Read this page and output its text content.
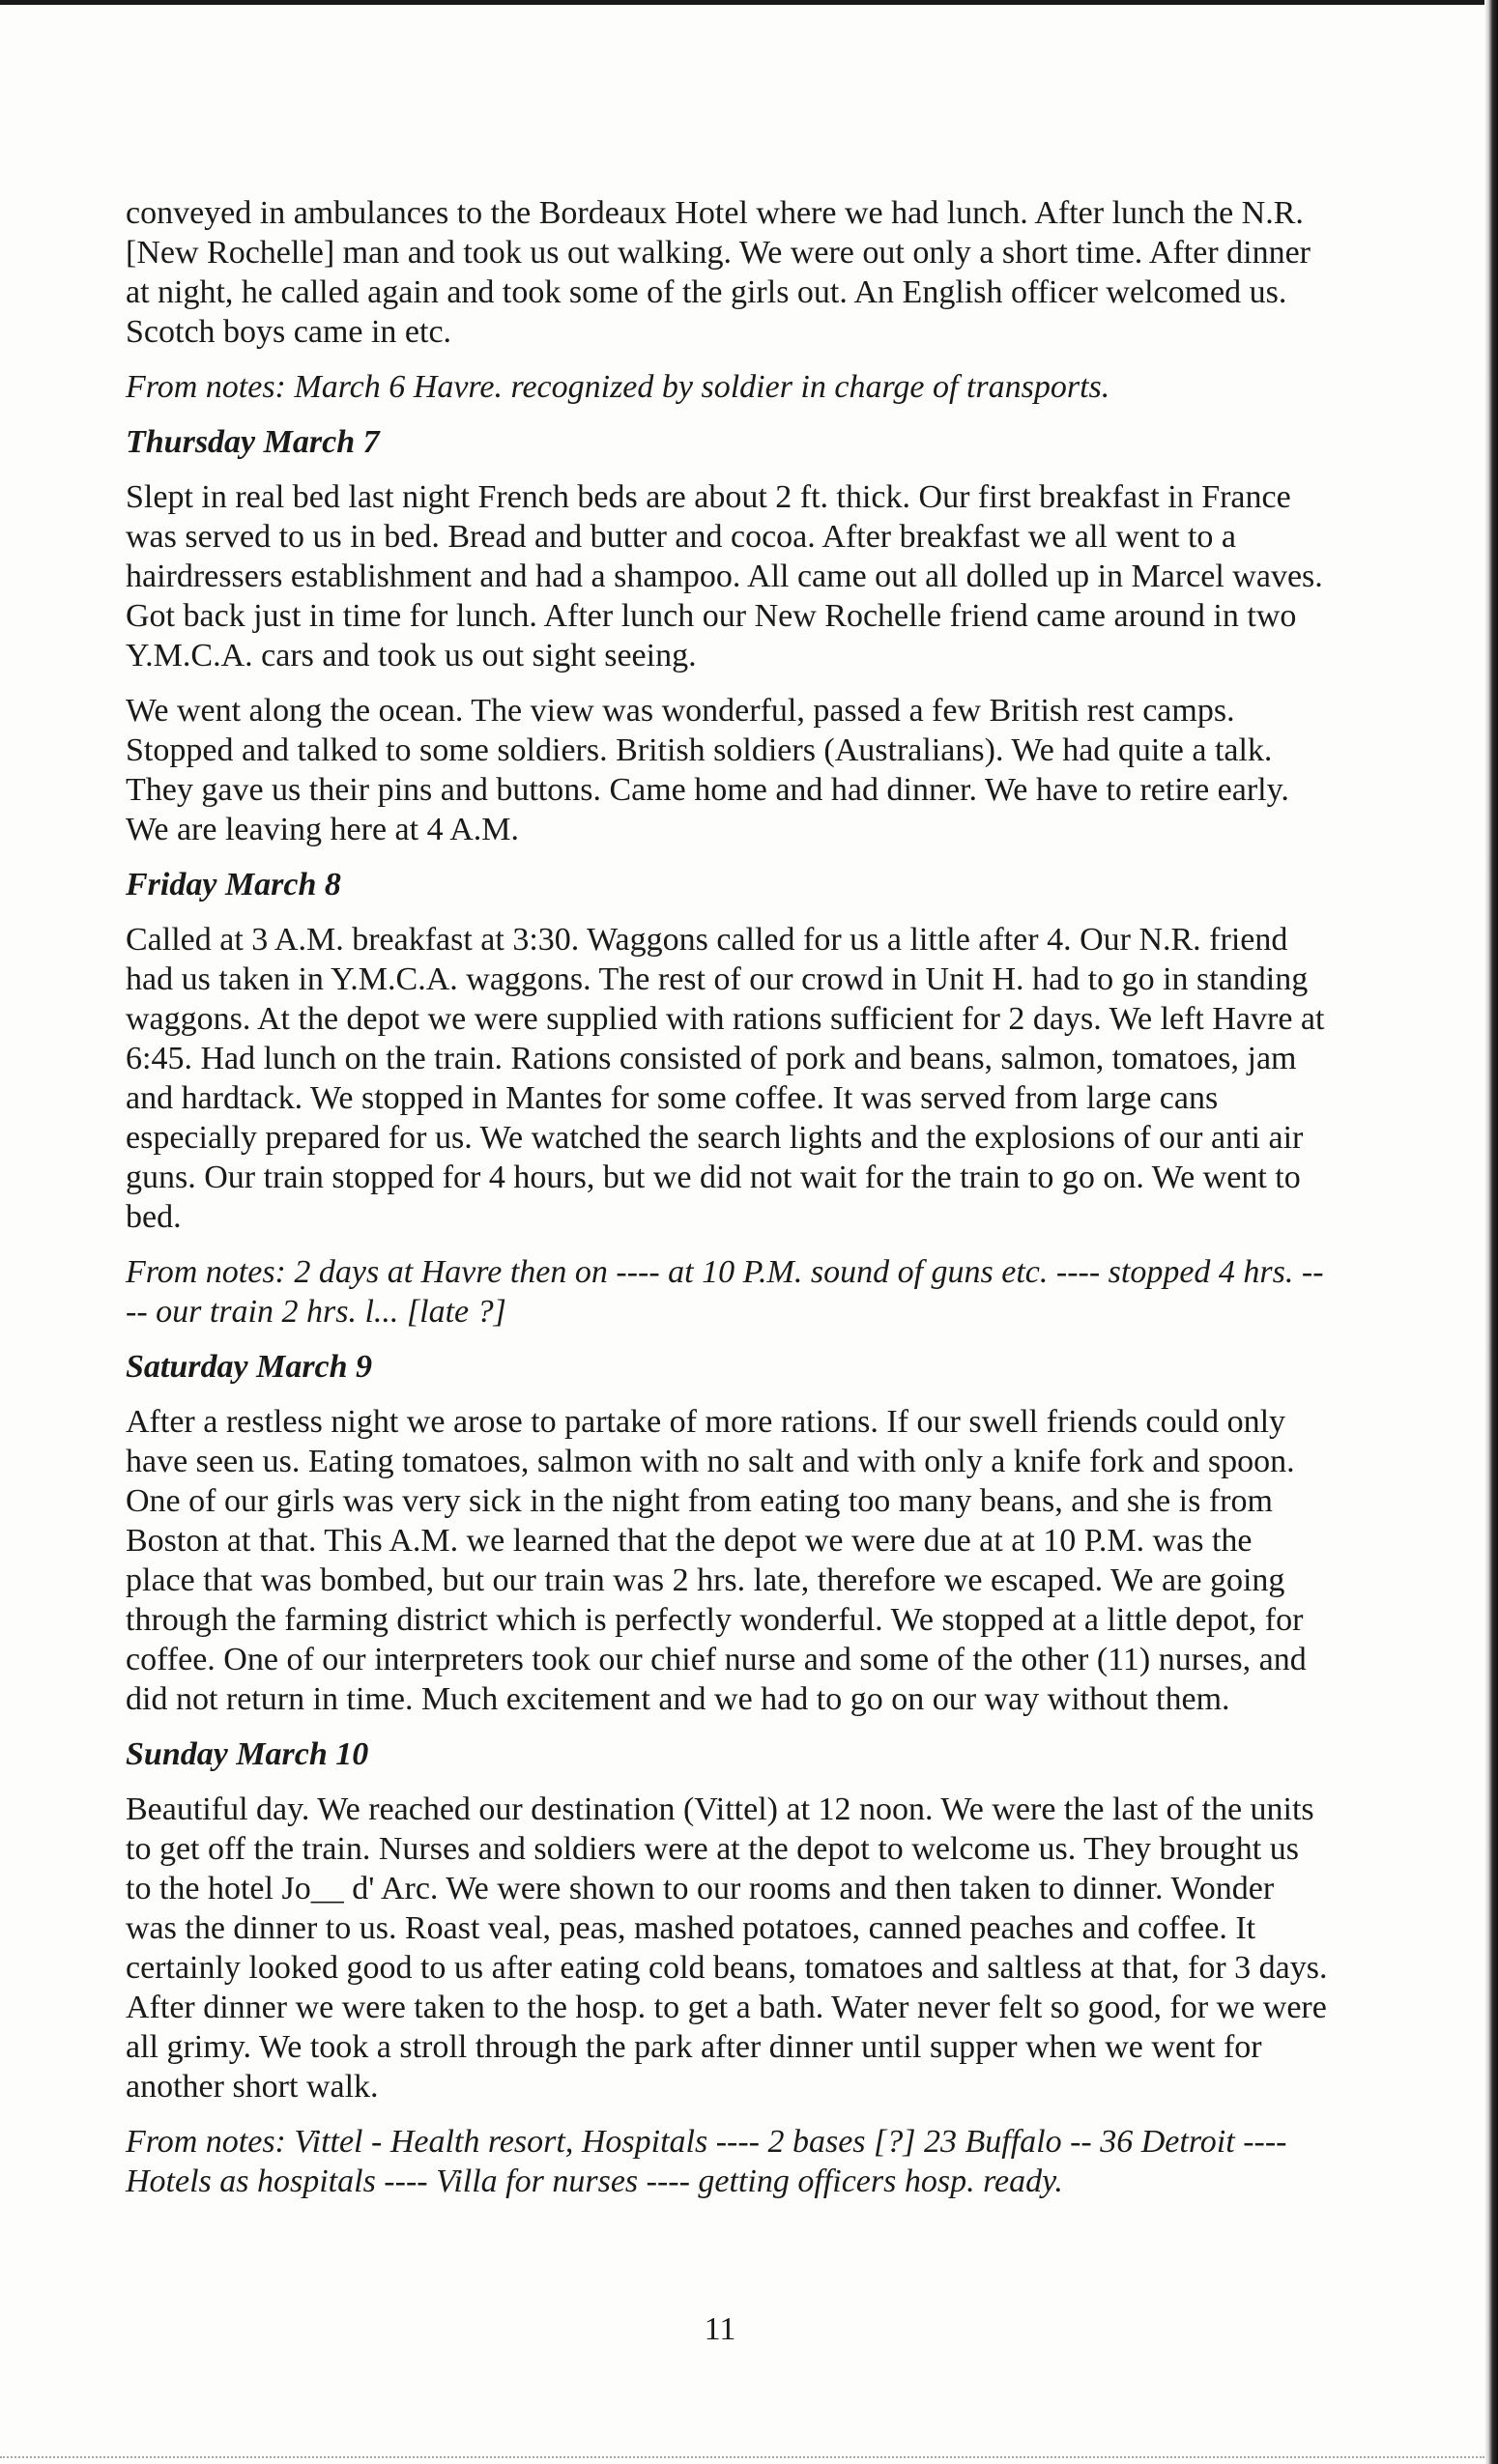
conveyed in ambulances to the Bordeaux Hotel where we had lunch. After lunch the N.R. [New Rochelle] man and took us out walking. We were out only a short time. After dinner at night, he called again and took some of the girls out. An English officer welcomed us. Scotch boys came in etc.

From notes: March 6 Havre. recognized by soldier in charge of transports.

Thursday March 7

Slept in real bed last night French beds are about 2 ft. thick. Our first breakfast in France was served to us in bed. Bread and butter and cocoa. After breakfast we all went to a hairdressers establishment and had a shampoo. All came out all dolled up in Marcel waves. Got back just in time for lunch. After lunch our New Rochelle friend came around in two Y.M.C.A. cars and took us out sight seeing.

We went along the ocean. The view was wonderful, passed a few British rest camps. Stopped and talked to some soldiers. British soldiers (Australians). We had quite a talk. They gave us their pins and buttons. Came home and had dinner. We have to retire early. We are leaving here at 4 A.M.

Friday March 8

Called at 3 A.M. breakfast at 3:30. Waggons called for us a little after 4. Our N.R. friend had us taken in Y.M.C.A. waggons. The rest of our crowd in Unit H. had to go in standing waggons. At the depot we were supplied with rations sufficient for 2 days. We left Havre at 6:45. Had lunch on the train. Rations consisted of pork and beans, salmon, tomatoes, jam and hardtack. We stopped in Mantes for some coffee. It was served from large cans especially prepared for us. We watched the search lights and the explosions of our anti air guns. Our train stopped for 4 hours, but we did not wait for the train to go on. We went to bed.

From notes: 2 days at Havre then on ---- at 10 P.M. sound of guns etc. ---- stopped 4 hrs. ---- our train 2 hrs. l... [late ?]

Saturday March 9

After a restless night we arose to partake of more rations. If our swell friends could only have seen us. Eating tomatoes, salmon with no salt and with only a knife fork and spoon. One of our girls was very sick in the night from eating too many beans, and she is from Boston at that. This A.M. we learned that the depot we were due at at 10 P.M. was the place that was bombed, but our train was 2 hrs. late, therefore we escaped. We are going through the farming district which is perfectly wonderful. We stopped at a little depot, for coffee. One of our interpreters took our chief nurse and some of the other (11) nurses, and did not return in time. Much excitement and we had to go on our way without them.

Sunday March 10

Beautiful day. We reached our destination (Vittel) at 12 noon. We were the last of the units to get off the train. Nurses and soldiers were at the depot to welcome us. They brought us to the hotel Jo__ d' Arc. We were shown to our rooms and then taken to dinner. Wonder was the dinner to us. Roast veal, peas, mashed potatoes, canned peaches and coffee. It certainly looked good to us after eating cold beans, tomatoes and saltless at that, for 3 days. After dinner we were taken to the hosp. to get a bath. Water never felt so good, for we were all grimy. We took a stroll through the park after dinner until supper when we went for another short walk.

From notes: Vittel - Health resort, Hospitals ---- 2 bases [?] 23 Buffalo -- 36 Detroit ---- Hotels as hospitals ---- Villa for nurses ---- getting officers hosp. ready.

11
